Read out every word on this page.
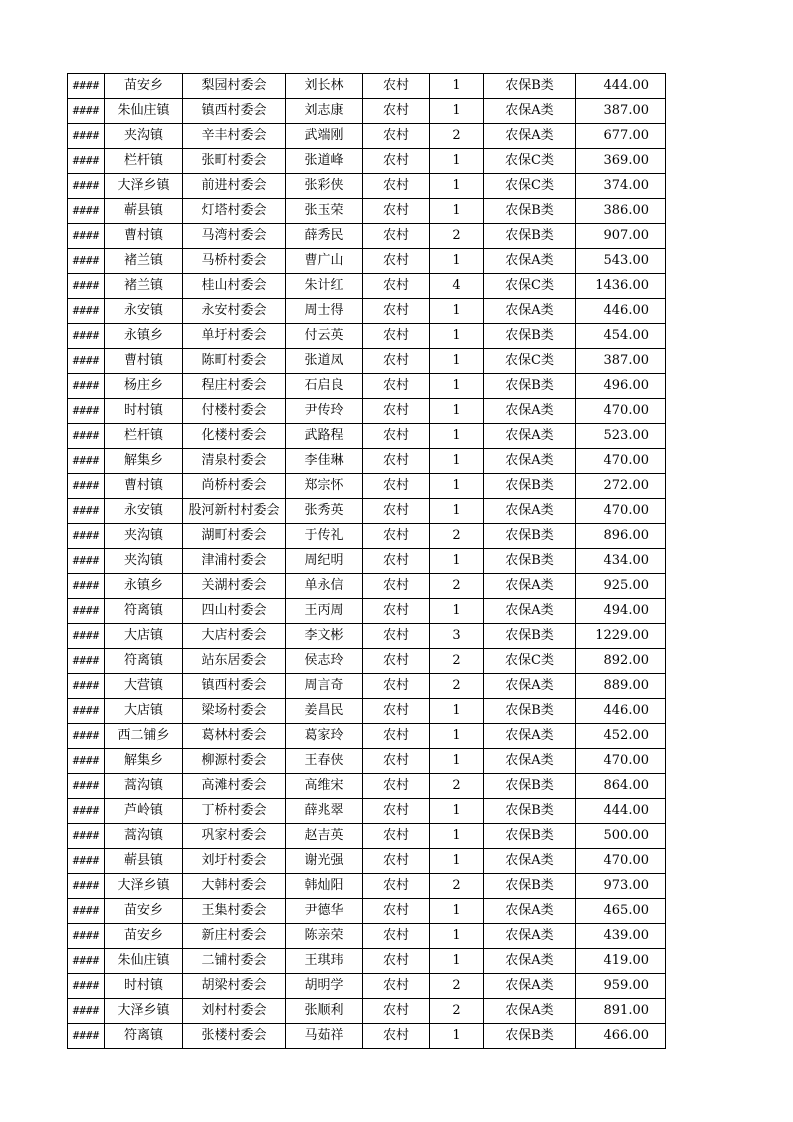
####	苗安乡	梨园村委会	刘长林	农村	1	农保B类	444.00
####	朱仙庄镇	镇西村委会	刘志康	农村	1	农保A类	387.00
####	夹沟镇	辛丰村委会	武端刚	农村	2	农保A类	677.00
####	栏杆镇	张町村委会	张道峰	农村	1	农保C类	369.00
####	大泽乡镇	前进村委会	张彩侠	农村	1	农保C类	374.00
####	蕲县镇	灯塔村委会	张玉荣	农村	1	农保B类	386.00
####	曹村镇	马湾村委会	薛秀民	农村	2	农保B类	907.00
####	褚兰镇	马桥村委会	曹广山	农村	1	农保A类	543.00
####	褚兰镇	桂山村委会	朱计红	农村	4	农保C类	1436.00
####	永安镇	永安村委会	周士得	农村	1	农保A类	446.00
####	永镇乡	单圩村委会	付云英	农村	1	农保B类	454.00
####	曹村镇	陈町村委会	张道凤	农村	1	农保C类	387.00
####	杨庄乡	程庄村委会	石启良	农村	1	农保B类	496.00
####	时村镇	付楼村委会	尹传玲	农村	1	农保A类	470.00
####	栏杆镇	化楼村委会	武路程	农村	1	农保A类	523.00
####	解集乡	清泉村委会	李佳琳	农村	1	农保A类	470.00
####	曹村镇	尚桥村委会	郑宗怀	农村	1	农保B类	272.00
####	永安镇	股河新村村委会	张秀英	农村	1	农保A类	470.00
####	夹沟镇	湖町村委会	于传礼	农村	2	农保B类	896.00
####	夹沟镇	津浦村委会	周纪明	农村	1	农保B类	434.00
####	永镇乡	关湖村委会	单永信	农村	2	农保A类	925.00
####	符离镇	四山村委会	王丙周	农村	1	农保A类	494.00
####	大店镇	大店村委会	李文彬	农村	3	农保B类	1229.00
####	符离镇	站东居委会	侯志玲	农村	2	农保C类	892.00
####	大营镇	镇西村委会	周言奇	农村	2	农保A类	889.00
####	大店镇	梁场村委会	姜昌民	农村	1	农保B类	446.00
####	西二铺乡	葛林村委会	葛家玲	农村	1	农保A类	452.00
####	解集乡	柳源村委会	王春侠	农村	1	农保A类	470.00
####	蒿沟镇	高滩村委会	高维宋	农村	2	农保B类	864.00
####	芦岭镇	丁桥村委会	薛兆翠	农村	1	农保B类	444.00
####	蒿沟镇	巩家村委会	赵吉英	农村	1	农保B类	500.00
####	蕲县镇	刘圩村委会	谢光强	农村	1	农保A类	470.00
####	大泽乡镇	大韩村委会	韩灿阳	农村	2	农保B类	973.00
####	苗安乡	王集村委会	尹德华	农村	1	农保A类	465.00
####	苗安乡	新庄村委会	陈亲荣	农村	1	农保A类	439.00
####	朱仙庄镇	二铺村委会	王琪玮	农村	1	农保A类	419.00
####	时村镇	胡梁村委会	胡明学	农村	2	农保A类	959.00
####	大泽乡镇	刘村村委会	张顺利	农村	2	农保A类	891.00
####	符离镇	张楼村委会	马茹祥	农村	1	农保B类	466.00
